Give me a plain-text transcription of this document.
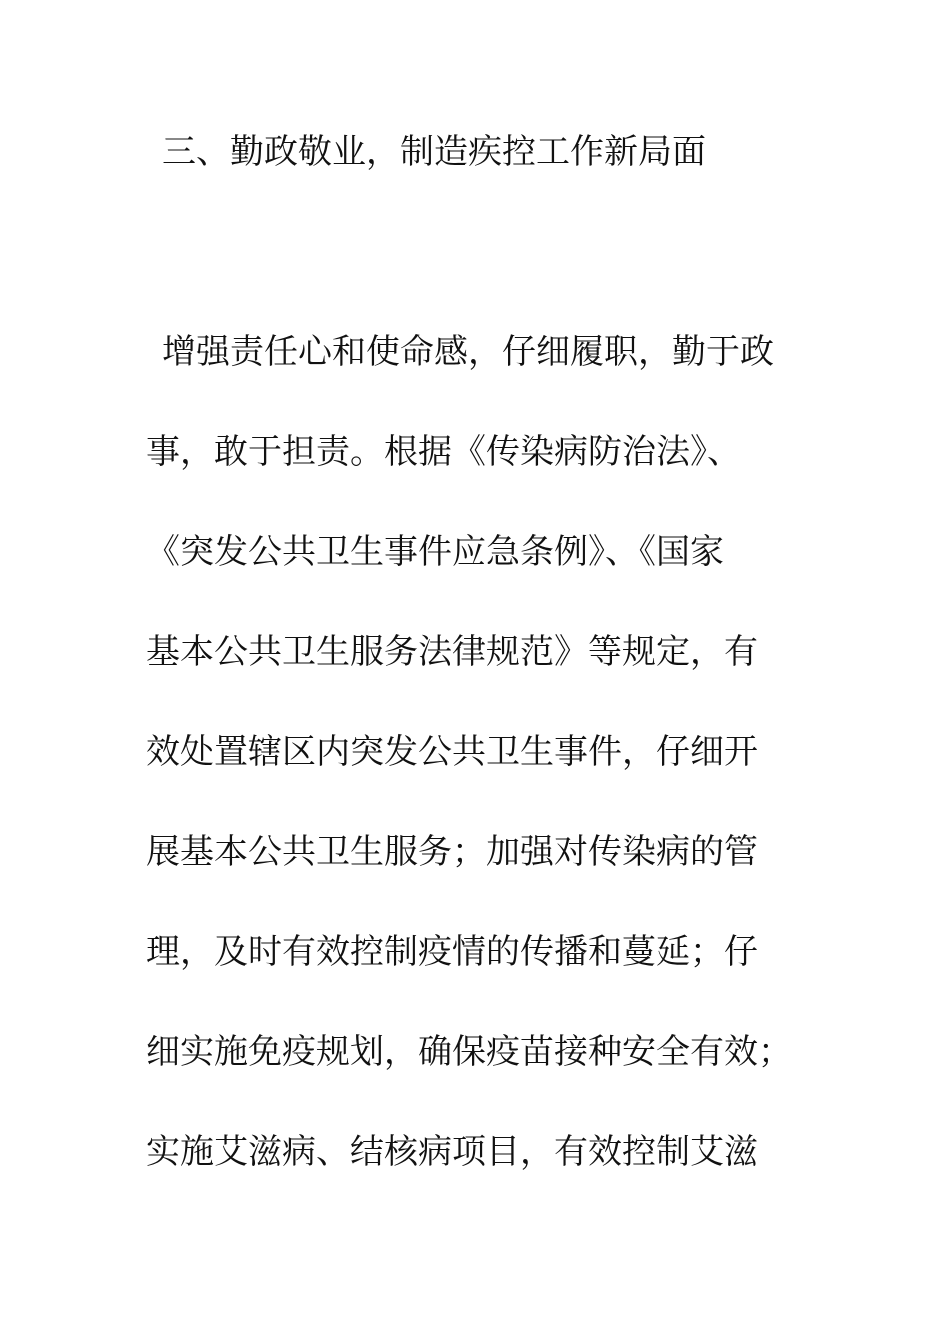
三、勤政敬业，制造疾控工作新局面
增强责任心和使命感，仔细履职，勤于政
事，敢于担责。根据《传染病防治法》、
《突发公共卫生事件应急条例》、《国家
基本公共卫生服务法律规范》等规定，有
效处置辖区内突发公共卫生事件，仔细开
展基本公共卫生服务；加强对传染病的管
理，及时有效控制疫情的传播和蔓延；仔
细实施免疫规划，确保疫苗接种安全有效；
实施艾滋病、结核病项目，有效控制艾滋
